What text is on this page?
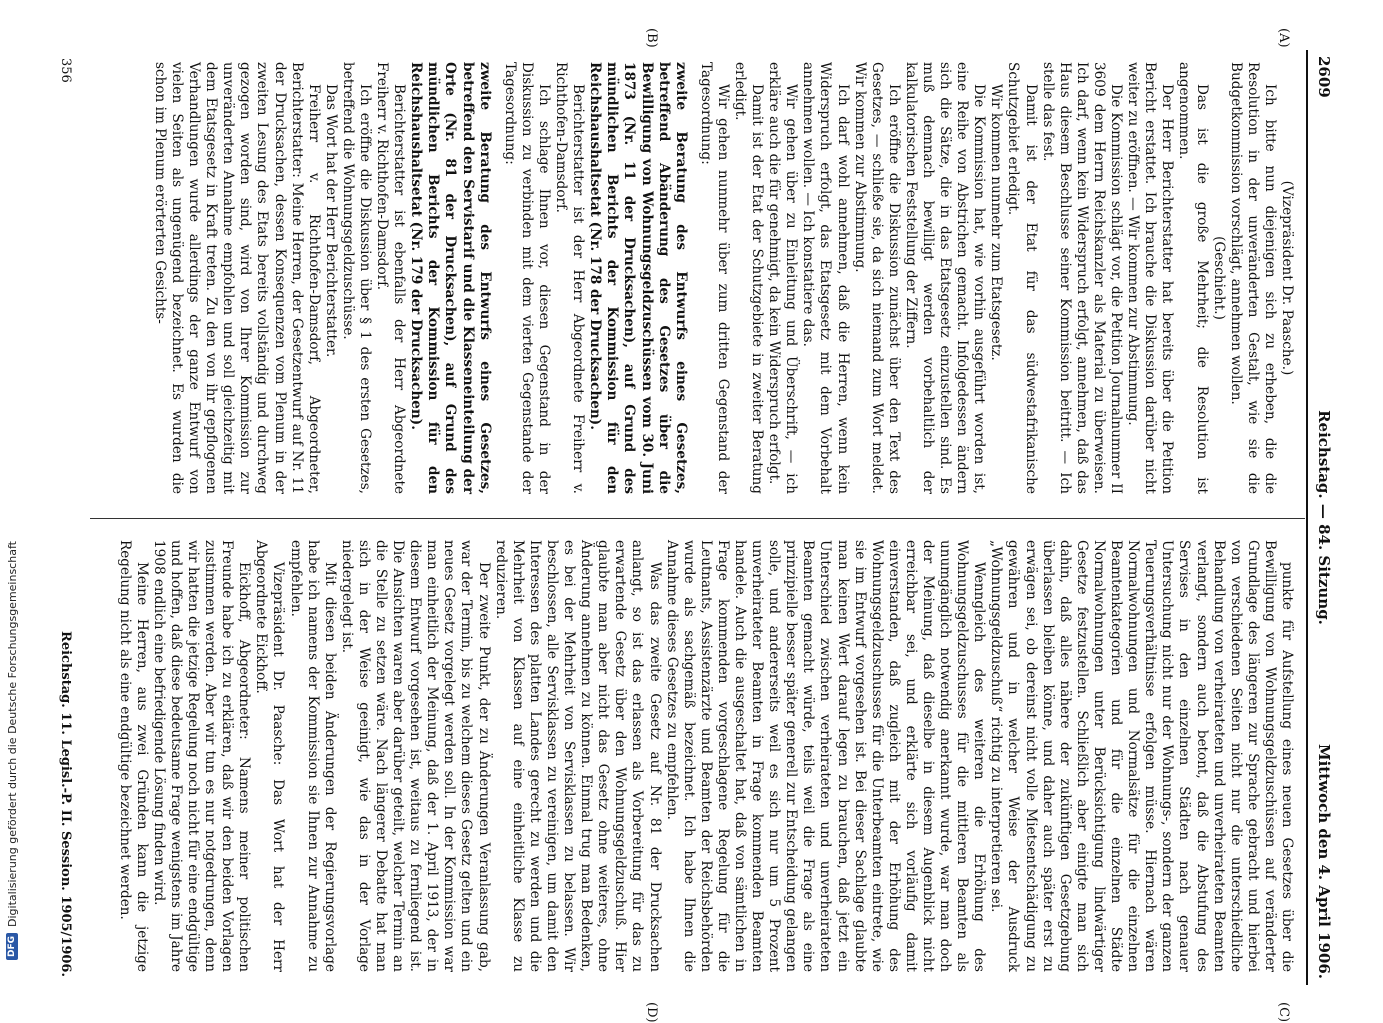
2609
Reichstag. — 84. Sitzung.
Mittwoch den 4. April 1906.
(A)
(B)
(C)
(D)

(Vizepräsident Dr. Paasche.)

Ich bitte nun diejenigen sich zu erheben, die die Resolution in der unveränderten Gestalt, wie sie die Budgetkommission vorschlägt, annehmen wollen.

(Geschieht.)

Das ist die große Mehrheit; die Resolution ist angenommen.

Der Herr Berichterstatter hat bereits über die Petition Bericht erstattet. Ich brauche die Diskussion darüber nicht weiter zu eröffnen. — Wir kommen zur Abstimmung.

Die Kommission schlägt vor, die Petition Journalnummer II 3609 dem Herrn Reichskanzler als Material zu überweisen. Ich darf, wenn kein Widerspruch erfolgt, annehmen, daß das Haus diesem Beschlusse seiner Kommission beitritt. — Ich stelle das fest.

Damit ist der Etat für das südwestafrikanische Schutzgebiet erledigt.

Wir kommen nunmehr zum Etatsgesetz.

Die Kommission hat, wie vorhin ausgeführt worden ist, eine Reihe von Abstrichen gemacht. Infolgedessen ändern sich die Sätze, die in das Etatsgesetz einzustellen sind. Es muß demnach bewilligt werden vorbehaltlich der kalkulatorischen Feststellung der Ziffern.

Ich eröffne die Diskussion zunächst über den Text des Gesetzes, — schließe sie, da sich niemand zum Wort meldet. Wir kommen zur Abstimmung.

Ich darf wohl annehmen, daß die Herren, wenn kein Widerspruch erfolgt, das Etatsgesetz mit dem Vorbehalt annehmen wollen. — Ich konstatiere das.

Wir gehen über zu Einleitung und Überschrift, — ich erkläre auch die für genehmigt, da kein Widerspruch erfolgt.

Damit ist der Etat der Schutzgebiete in zweiter Beratung erledigt.

Wir gehen nunmehr über zum dritten Gegenstand der Tagesordnung:

zweite Beratung des Entwurfs eines Gesetzes, betreffend Abänderung des Gesetzes über die Bewilligung von Wohnungsgeldzuschüssen vom 30. Juni 1873 (Nr. 11 der Drucksachen), auf Grund des mündlichen Berichts der Kommission für den Reichshaushaltsetat (Nr. 178 der Drucksachen).

Berichterstatter ist der Herr Abgeordnete Freiherr v. Richthofen-Damsdorf.

Ich schlage Ihnen vor, diesen Gegenstand in der Diskussion zu verbinden mit dem vierten Gegenstande der Tagesordnung:

zweite Beratung des Entwurfs eines Gesetzes, betreffend den Servistarif und die Klasseneinteilung der Orte (Nr. 81 der Drucksachen), auf Grund des mündlichen Berichts der Kommission für den Reichshaushaltsetat (Nr. 179 der Drucksachen).

Berichterstatter ist ebenfalls der Herr Abgeordnete Freiherr v. Richthofen-Damsdorf.

Ich eröffne die Diskussion über § 1 des ersten Gesetzes, betreffend die Wohnungsgeldzuschüsse.

Das Wort hat der Herr Berichterstatter.

Freiherr v. Richthofen-Damsdorf, Abgeordneter, Berichterstatter: Meine Herren, der Gesetzentwurf auf Nr. 11 der Drucksachen, dessen Konsequenzen vom Plenum in der zweiten Lesung des Etats bereits vollständig und durchweg gezogen worden sind, wird von Ihrer Kommission zur unveränderten Annahme empfohlen und soll gleichzeitig mit dem Etatsgesetz in Kraft treten. Zu den von ihr gepflogenen Verhandlungen wurde allerdings der ganze Entwurf von vielen Seiten als ungenügend bezeichnet. Es wurden die schon im Plenum erörterten Gesichts-

punkte für Aufstellung eines neuen Gesetzes über die Bewilligung von Wohnungsgeldzuschüssen auf veränderter Grundlage des längeren zur Sprache gebracht und hierbei von verschiedenen Seiten nicht nur die unterschiedliche Behandlung von verheirateten und unverheirateten Beamten verlangt, sondern auch betont, daß die Abstufung des Servises in den einzelnen Städten nach genauer Untersuchung nicht nur der Wohnungs-, sondern der ganzen Teuerungsverhältnisse erfolgen müsse. Hiernach wären Normalwohnungen und Normalsätze für die einzelnen Beamtenkategorien und für die einzelnen Städte Normalwohnungen unter Berücksichtigung lindwärtiger Gesetze festzustellen. Schließlich aber einigte man sich dahin, daß alles nähere der zukünftigen Gesetzgebung überlassen bleiben könne, und daher auch später erst zu erwägen sei, ob dereinst nicht volle Mietsentschädigung zu gewähren und in welcher Weise der Ausdruck „Wohnungsgeldzuschuß“ richtig zu interpretieren sei.

Wenngleich des weiteren die Erhöhung des Wohnungsgeldzuschusses für die mittleren Beamten als unumgänglich notwendig anerkannt wurde, war man doch der Meinung, daß dieselbe in diesem Augenblick nicht erreichbar sei, und erklärte sich vorläufig damit einverstanden, daß zugleich mit der Erhöhung des Wohnungsgeldzuschusses für die Unterbeamten eintrete, wie sie im Entwurf vorgesehen ist. Bei dieser Sachlage glaubte man keinen Wert darauf legen zu brauchen, daß jetzt ein Unterschied zwischen verheirateten und unverheirateten Beamten gemacht würde, teils weil die Frage als eine prinzipielle besser später generell zur Entscheidung gelangen solle, und andererseits weil es sich nur um 5 Prozent unverheirateter Beamten in Frage kommenden Beamten handele. Auch die ausgeschaltet hat, daß von sämtlichen in Frage kommenden vorgeschlagene Regelung für die Leutnants, Assistenzärzte und Beamten der Reichsbehörden wurde als sachgemäß bezeichnet. Ich habe Ihnen die Annahme dieses Gesetzes zu empfehlen.

Was das zweite Gesetz auf Nr. 81 der Drucksachen anlangt, so ist das erlassen als Vorbereitung für das zu erwartende Gesetz über den Wohnungsgeldzuschuß. Hier glaubte man aber nicht das Gesetz ohne weiteres, ohne Änderung annehmen zu können. Einmal trug man Bedenken, es bei der Mehrheit von Servisklassen zu belassen. Wir beschlossen, alle Servisklassen zu vereinigen, um damit den Interessen des platten Landes gerecht zu werden und die Mehrheit von Klassen auf eine einheitliche Klasse zu reduzieren.

Der zweite Punkt, der zu Änderungen Veranlassung gab, war der Termin, bis zu welchem dieses Gesetz gelten und ein neues Gesetz vorgelegt werden soll. In der Kommission war man einheitlich der Meinung, daß der 1. April 1913, der in diesem Entwurf vorgesehen ist, weitaus zu fernliegend ist. Die Ansichten waren aber darüber geteilt, welcher Termin an die Stelle zu setzen wäre. Nach längerer Debatte hat man sich in der Weise geeinigt, wie das in der Vorlage niedergelegt ist.

Mit diesen beiden Änderungen der Regierungsvorlage habe ich namens der Kommission sie Ihnen zur Annahme zu empfehlen.

Vizepräsident Dr. Paasche: Das Wort hat der Herr Abgeordnete Eickhoff.

Eickhoff, Abgeordneter: Namens meiner politischen Freunde habe ich zu erklären, daß wir den beiden Vorlagen zustimmen werden. Aber wir tun es nur notgedrungen, denn wir hatten die jetzige Regelung noch nicht für eine endgültige und hoffen, daß diese bedeutsame Frage wenigstens im Jahre 1908 endlich eine befriedigende Lösung finden wird.

Meine Herren, aus zwei Gründen kann die jetzige Regelung nicht als eine endgültige bezeichnet werden.

356
Reichstag. 11. Legisl.-P. II. Session. 1905/1906.
DFG
Digitalisierung gefördert durch die Deutsche Forschungsgemeinschaft
